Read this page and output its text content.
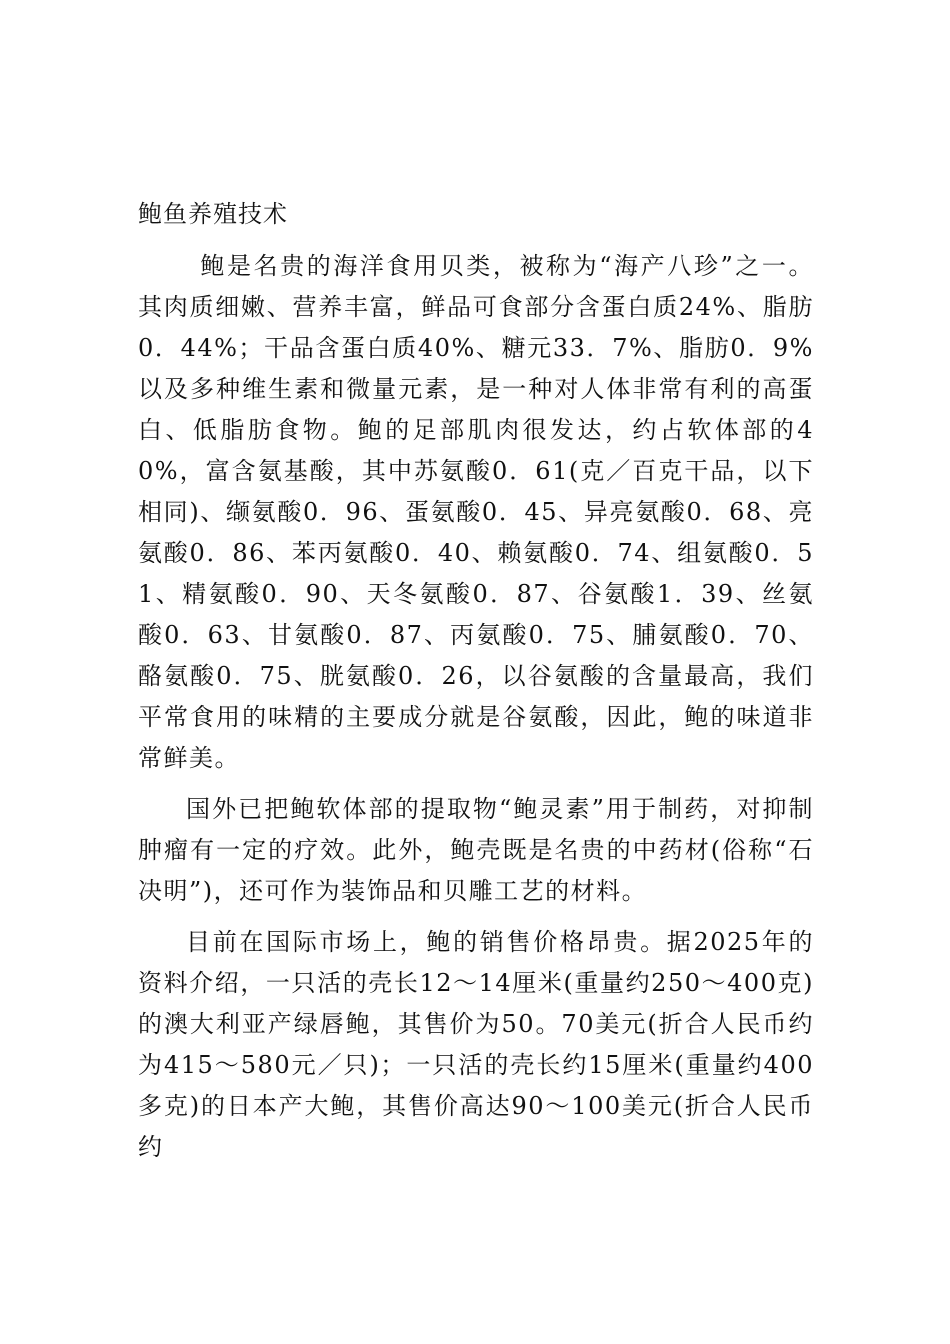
鲍鱼养殖技术

鲍是名贵的海洋食用贝类，被称为“海产八珍”之一。其肉质细嫩、营养丰富，鲜品可食部分含蛋白质24%、脂肪0．44%；干品含蛋白质40%、糖元33．7%、脂肪0．9%以及多种维生素和微量元素，是一种对人体非常有利的高蛋白、低脂肪食物。鲍的足部肌肉很发达，约占软体部的40%，富含氨基酸，其中苏氨酸0．61(克／百克干品，以下相同)、缬氨酸0．96、蛋氨酸0．45、异亮氨酸0．68、亮氨酸0．86、苯丙氨酸0．40、赖氨酸0．74、组氨酸0．51、精氨酸0．90、天冬氨酸0．87、谷氨酸1．39、丝氨酸0．63、甘氨酸0．87、丙氨酸0．75、脯氨酸0．70、酪氨酸0．75、胱氨酸0．26，以谷氨酸的含量最高，我们平常食用的味精的主要成分就是谷氨酸，因此，鲍的味道非常鲜美。

国外已把鲍软体部的提取物“鲍灵素”用于制药，对抑制肿瘤有一定的疗效。此外，鲍壳既是名贵的中药材(俗称“石决明”)，还可作为装饰品和贝雕工艺的材料。

目前在国际市场上，鲍的销售价格昂贵。据2025年的资料介绍，一只活的壳长12～14厘米(重量约250～400克)的澳大利亚产绿唇鲍，其售价为50。70美元(折合人民币约为415～580元／只)；一只活的壳长约15厘米(重量约400多克)的日本产大鲍，其售价高达90～100美元(折合人民币约
